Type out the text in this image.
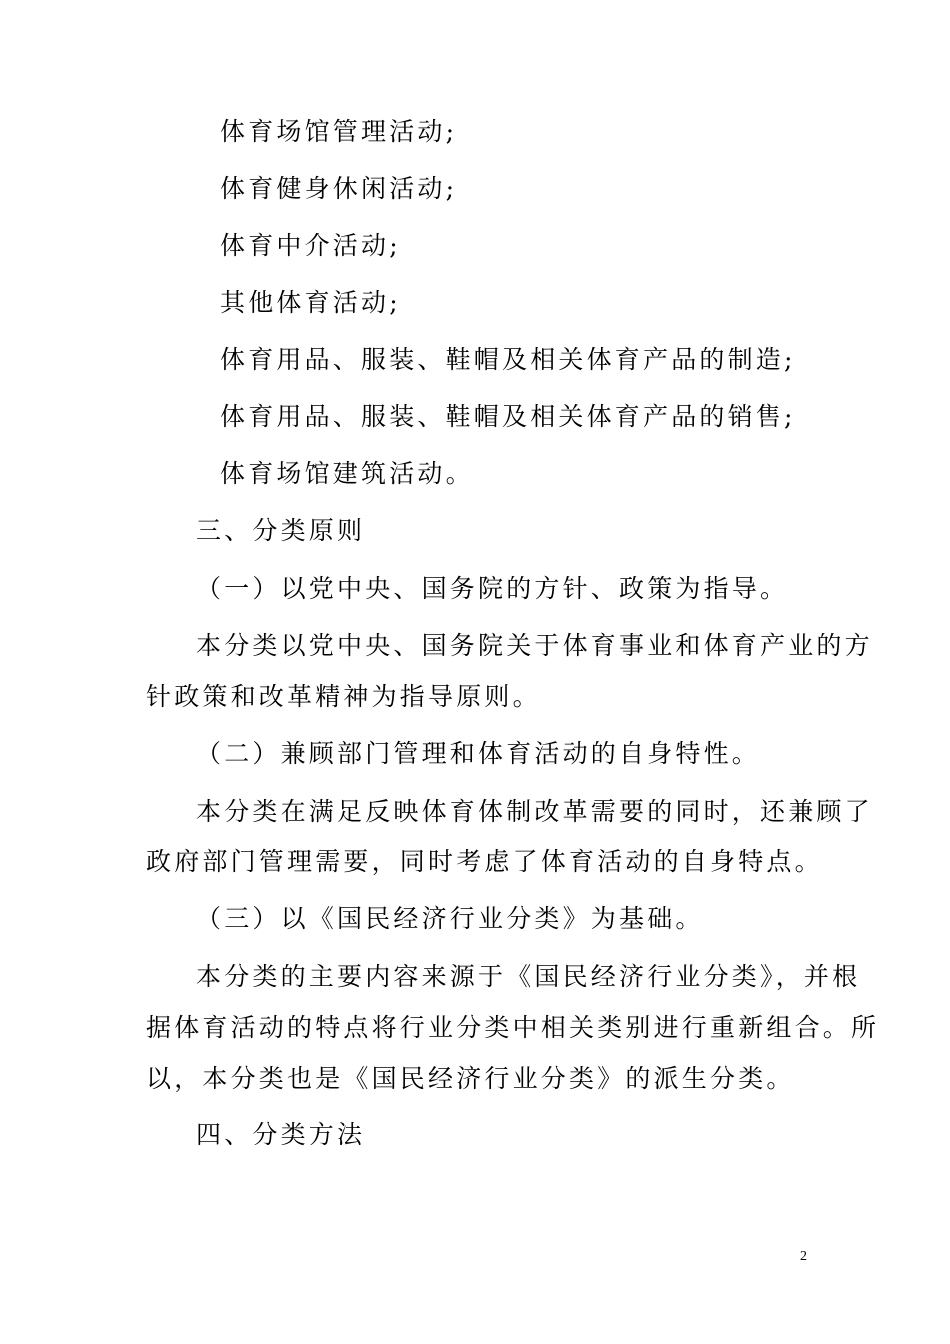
体育场馆管理活动;
体育健身休闲活动;
体育中介活动;
其他体育活动;
体育用品、服装、鞋帽及相关体育产品的制造;
体育用品、服装、鞋帽及相关体育产品的销售;
体育场馆建筑活动。
三、分类原则
（一）以党中央、国务院的方针、政策为指导。
本分类以党中央、国务院关于体育事业和体育产业的方
针政策和改革精神为指导原则。
（二）兼顾部门管理和体育活动的自身特性。
本分类在满足反映体育体制改革需要的同时，还兼顾了
政府部门管理需要，同时考虑了体育活动的自身特点。
（三）以《国民经济行业分类》为基础。
本分类的主要内容来源于《国民经济行业分类》，并根
据体育活动的特点将行业分类中相关类别进行重新组合。所
以，本分类也是《国民经济行业分类》的派生分类。
四、分类方法
2
